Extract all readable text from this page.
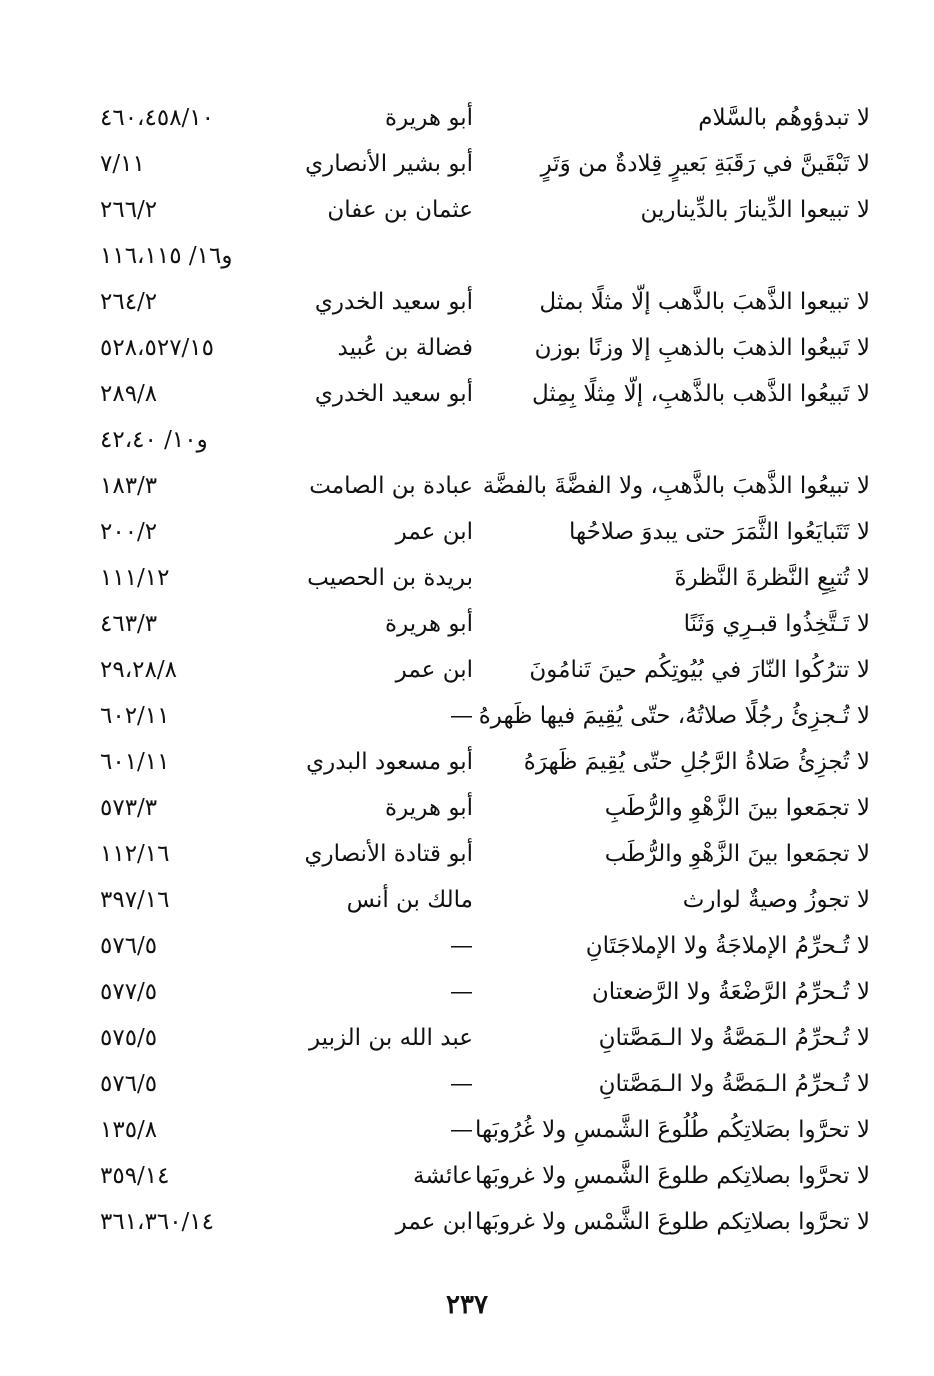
لا تبدؤوهُم بالسَّلام
أبو هريرة
٤٦٠،٤٥٨/١٠
لا تَبْقَينَّ في رَقَبَةِ بَعيرٍ قِلادةٌ من وَتَرٍ
أبو بشير الأنصاري
٧/١١
لا تبيعوا الدِّينارَ بالدِّينارين
عثمان بن عفان
٢٦٦/٢
و١٦/ ١١٦،١١٥
لا تبيعوا الذَّهبَ بالذَّهب إلّا مثلًا بمثل
أبو سعيد الخدري
٢٦٤/٢
لا تَبيعُوا الذهبَ بالذهبِ إلا وزنًا بوزن
فضالة بن عُبيد
٥٢٨،٥٢٧/١٥
لا تَبيعُوا الذَّهب بالذَّهبِ، إلّا مِثلًا بِمِثل
أبو سعيد الخدري
٢٨٩/٨
و١٠/ ٤٢،٤٠
لا تبيعُوا الذَّهبَ بالذَّهبِ، ولا الفضَّةَ بالفضَّة
عبادة بن الصامت
١٨٣/٣
لا تَتَبايَعُوا الثَّمَرَ حتى يبدوَ صلاحُها
ابن عمر
٢٠٠/٢
لا تُتبِعِ النَّظرةَ النَّظرةَ
بريدة بن الحصيب
١١١/١٢
لا تَـتَّخِذُوا قبـرِي وَثَنًا
أبو هريرة
٤٦٣/٣
لا تترُكُوا النّارَ في بُيُوتِكُم حينَ تَنامُونَ
ابن عمر
٢٩،٢٨/٨
لا تُـجزِئُ رجُلًا صلاتُهُ، حتّى يُقِيمَ فيها ظَهرهُ
—
٦٠٢/١١
لا تُجزِئُ صَلاةُ الرَّجُلِ حتّى يُقِيمَ ظَهرَهُ
أبو مسعود البدري
٦٠١/١١
لا تجمَعوا بينَ الزَّهْوِ والرُّطَبِ
أبو هريرة
٥٧٣/٣
لا تجمَعوا بينَ الزَّهْوِ والرُّطَب
أبو قتادة الأنصاري
١١٢/١٦
لا تجوزُ وصيةٌ لوارث
مالك بن أنس
٣٩٧/١٦
لا تُـحرِّمُ الإملاجَةُ ولا الإملاجَتَانِ
—
٥٧٦/٥
لا تُـحرِّمُ الرَّضْعَةُ ولا الرَّضعتان
—
٥٧٧/٥
لا تُـحرِّمُ الـمَصَّةُ ولا الـمَصَّتانِ
عبد الله بن الزبير
٥٧٥/٥
لا تُـحرِّمُ الـمَصَّةُ ولا الـمَصَّتانِ
—
٥٧٦/٥
لا تحرَّوا بصَلاتِكُم طُلُوعَ الشَّمسِ ولا غُرُوبَها
—
١٣٥/٨
لا تحرَّوا بصلاتِكم طلوعَ الشَّمسِ ولا غروبَها
عائشة
٣٥٩/١٤
لا تحرَّوا بصلاتِكم طلوعَ الشَّمْس ولا غروبَها
ابن عمر
٣٦١،٣٦٠/١٤
٢٣٧
